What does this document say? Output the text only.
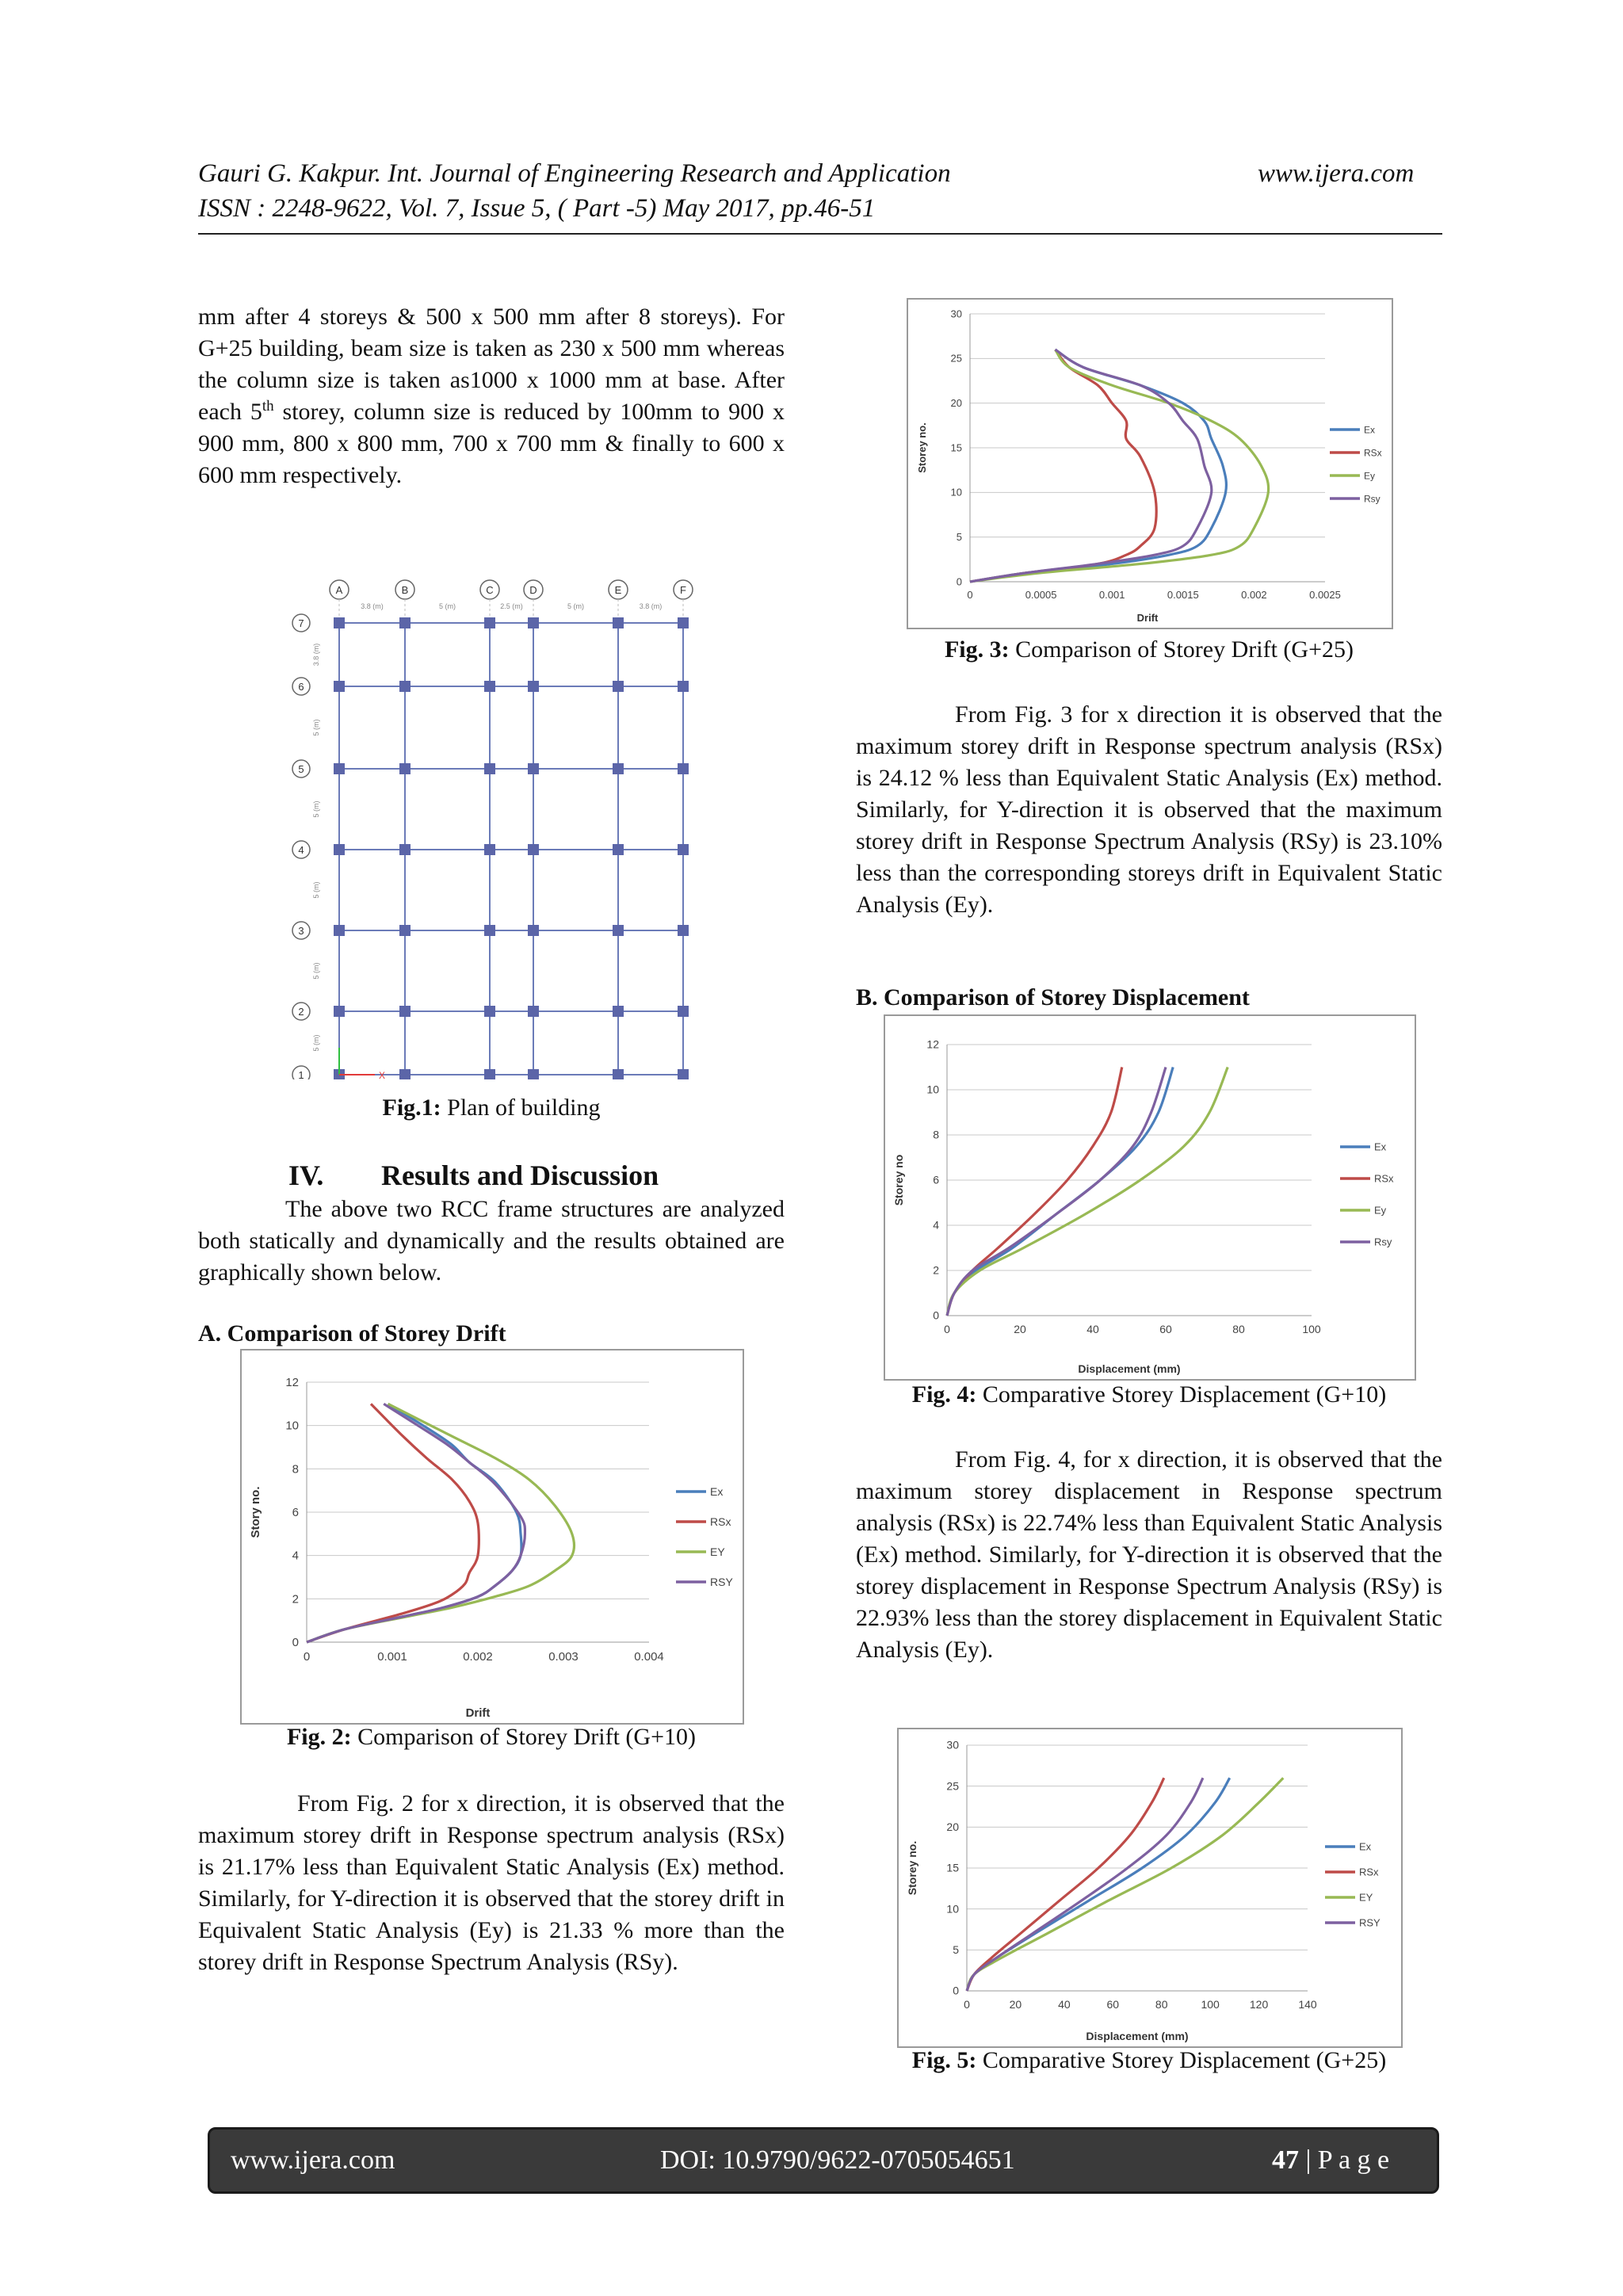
Gauri G. Kakpur. Int. Journal of Engineering Research and Application	www.ijera.com
ISSN : 2248-9622, Vol. 7, Issue 5, ( Part -5) May 2017, pp.46-51
mm after 4 storeys & 500 x 500 mm after 8 storeys). For G+25 building, beam size is taken as 230 x 500 mm whereas the column size is taken as1000 x 1000 mm at base. After each 5th storey, column size is reduced by 100mm to 900 x 900 mm, 800 x 800 mm, 700 x 700 mm & finally to 600 x 600 mm respectively.
A	B	C	D	E	F
3.8 (m)	5 (m)	2.5 (m)	5 (m)	3.8 (m)
7
6
5
4
3
2
1
3.8 (m)
5 (m)
5 (m)
5 (m)
5 (m)
5 (m)
X
Fig.1: Plan of building
IV. Results and Discussion
The above two RCC frame structures are analyzed both statically and dynamically and the results obtained are graphically shown below.
A. Comparison of Storey Drift
0
2
4
6
8
10
12
0	0.001	0.002	0.003	0.004
Drift
Story no.	Ex
RSx
EY
RSY
Fig. 2: Comparison of Storey Drift (G+10)
From Fig. 2 for x direction, it is observed that the maximum storey drift in Response spectrum analysis (RSx) is 21.17% less than Equivalent Static Analysis (Ex) method. Similarly, for Y-direction it is observed that the storey drift in Equivalent Static Analysis (Ey) is 21.33 % more than the storey drift in Response Spectrum Analysis (RSy).
0
5
10
15
20
25
30
0	0.0005	0.001	0.0015	0.002	0.0025
Drift
Storey no.	Ex
RSx
Ey
Rsy
Fig. 3: Comparison of Storey Drift (G+25)
From Fig. 3 for x direction it is observed that the maximum storey drift in Response spectrum analysis (RSx) is 24.12 % less than Equivalent Static Analysis (Ex) method. Similarly, for Y-direction it is observed that the maximum storey drift in Response Spectrum Analysis (RSy) is 23.10% less than the corresponding storeys drift in Equivalent Static Analysis (Ey).
B. Comparison of Storey Displacement
0
2
4
6
8
10
12
0	20	40	60	80	100
Displacement (mm)
Storey no
Ex
RSx
Ey
Rsy
Fig. 4: Comparative Storey Displacement (G+10)
From Fig. 4, for x direction, it is observed that the maximum storey displacement in Response spectrum analysis (RSx) is 22.74% less than Equivalent Static Analysis (Ex) method. Similarly, for Y-direction it is observed that the storey displacement in Response Spectrum Analysis (RSy) is 22.93% less than the storey displacement in Equivalent Static Analysis (Ey).
0
5
10
15
20
25
30
0	20	40	60	80	100	120	140
Displacement (mm)
Storey no.	Ex
RSx
EY
RSY
Fig. 5: Comparative Storey Displacement (G+25)
www.ijera.com	DOI: 10.9790/9622-0705054651	47 | P a g e
